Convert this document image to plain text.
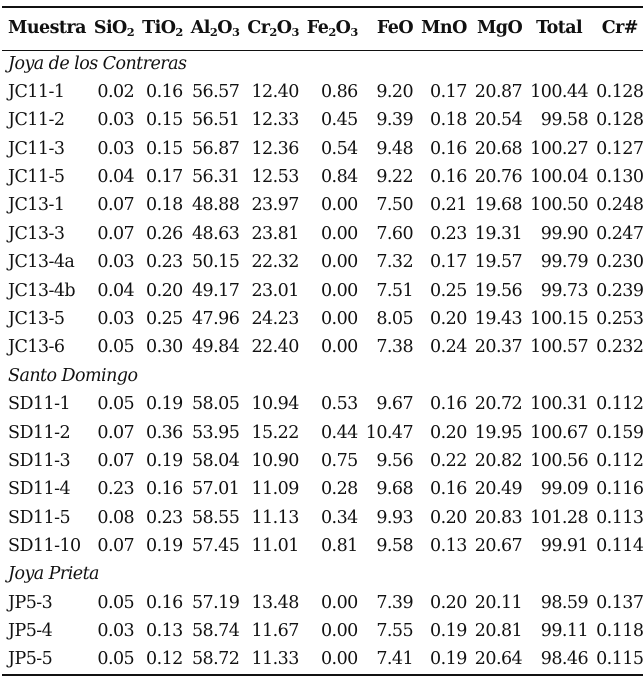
Muestra	SiO$_2$	TiO$_2$	$Al_2O_3$	$Cr_2O_3$	$Fe_2O_3$	FeO	MnO	MgO	Total	Cr#
Joya de los Contreras										
JC11-1	0.02	0.16	56.57	12.40	0.86	9.20	0.17	20.87	100.44	0.128
JC11-2	0.03	0.15	56.51	12.33	0.45	9.39	0.18	20.54	99.58	0.128
JC11-3	0.03	0.15	56.87	12.36	0.54	9.48	0.16	20.68	100.27	0.127
JC11-5	0.04	0.17	56.31	12.53	0.84	9.22	0.16	20.76	100.04	0.130
JC13-1	0.07	0.18	48.88	23.97	0.00	7.50	0.21	19.68	100.50	0.248
JC13-3	0.07	0.26	48.63	23.81	0.00	7.60	0.23	19.31	99.90	0.247
JC13-4a	0.03	0.23	50.15	22.32	0.00	7.32	0.17	19.57	99.79	0.230
JC13-4b	0.04	0.20	49.17	23.01	0.00	7.51	0.25	19.56	99.73	0.239
JC13-5	0.03	0.25	47.96	24.23	0.00	8.05	0.20	19.43	100.15	0.253
JC13-6	0.05	0.30	49.84	22.40	0.00	7.38	0.24	20.37	100.57	0.232
Santo Domingo										
SD11-1	0.05	0.19	58.05	10.94	0.53	9.67	0.16	20.72	100.31	0.112
SD11-2	0.07	0.36	53.95	15.22	0.44	10.47	0.20	19.95	100.67	0.159
SD11-3	0.07	0.19	58.04	10.90	0.75	9.56	0.22	20.82	100.56	0.112
SD11-4	0.23	0.16	57.01	11.09	0.28	9.68	0.16	20.49	99.09	0.116
SD11-5	0.08	0.23	58.55	11.13	0.34	9.93	0.20	20.83	101.28	0.113
SD11-10	0.07	0.19	57.45	11.01	0.81	9.58	0.13	20.67	99.91	0.114
Joya Prieta										
JP5-3	0.05	0.16	57.19	13.48	0.00	7.39	0.20	20.11	98.59	0.137
JP5-4	0.03	0.13	58.74	11.67	0.00	7.55	0.19	20.81	99.11	0.118
JP5-5	0.05	0.12	58.72	11.33	0.00	7.41	0.19	20.64	98.46	0.115
